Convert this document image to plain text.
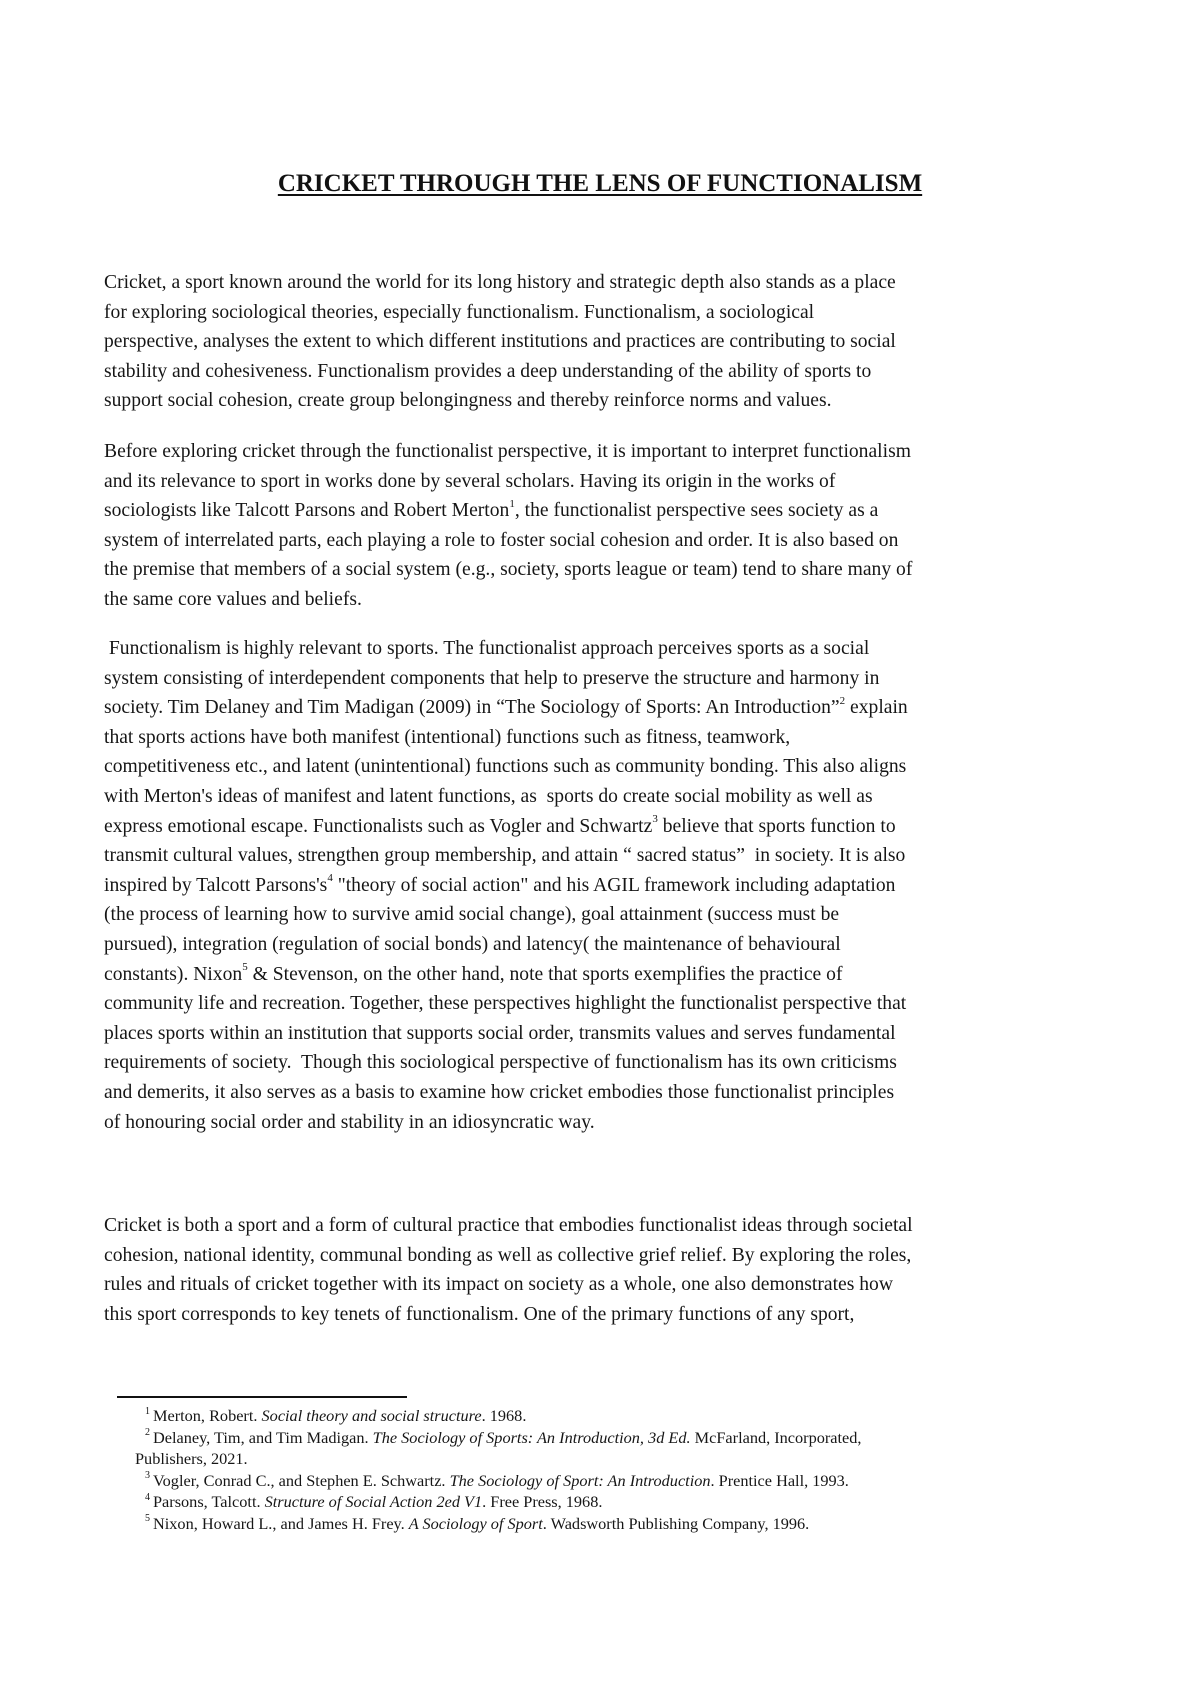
CRICKET THROUGH THE LENS OF FUNCTIONALISM
Cricket, a sport known around the world for its long history and strategic depth also stands as a place
for exploring sociological theories, especially functionalism. Functionalism, a sociological
perspective, analyses the extent to which different institutions and practices are contributing to social
stability and cohesiveness. Functionalism provides a deep understanding of the ability of sports to
support social cohesion, create group belongingness and thereby reinforce norms and values.
Before exploring cricket through the functionalist perspective, it is important to interpret functionalism
and its relevance to sport in works done by several scholars. Having its origin in the works of
sociologists like Talcott Parsons and Robert Merton$^1$, the functionalist perspective sees society as a
system of interrelated parts, each playing a role to foster social cohesion and order. It is also based on
the premise that members of a social system (e.g., society, sports league or team) tend to share many of
the same core values and beliefs.
Functionalism is highly relevant to sports. The functionalist approach perceives sports as a social
system consisting of interdependent components that help to preserve the structure and harmony in
society. Tim Delaney and Tim Madigan (2009) in “The Sociology of Sports: An Introduction”$^2$ explain
that sports actions have both manifest (intentional) functions such as fitness, teamwork,
competitiveness etc., and latent (unintentional) functions such as community bonding. This also aligns
with Merton's ideas of manifest and latent functions, as  sports do create social mobility as well as
express emotional escape. Functionalists such as Vogler and Schwartz$^3$ believe that sports function to
transmit cultural values, strengthen group membership, and attain “ sacred status”  in society. It is also
inspired by Talcott $Parsons's^4$ "theory of social action" and his AGIL framework including adaptation
(the process of learning how to survive amid social change), goal attainment (success must be
pursued), integration (regulation of social bonds) and latency( the maintenance of behavioural
constants). Nixon$^5$ & Stevenson, on the other hand, note that sports exemplifies the practice of
community life and recreation. Together, these perspectives highlight the functionalist perspective that
places sports within an institution that supports social order, transmits values and serves fundamental
requirements of society.  Though this sociological perspective of functionalism has its own criticisms
and demerits, it also serves as a basis to examine how cricket embodies those functionalist principles
of honouring social order and stability in an idiosyncratic way.
Cricket is both a sport and a form of cultural practice that embodies functionalist ideas through societal
cohesion, national identity, communal bonding as well as collective grief relief. By exploring the roles,
rules and rituals of cricket together with its impact on society as a whole, one also demonstrates how
this sport corresponds to key tenets of functionalism. One of the primary functions of any sport,
$^1$ Merton, Robert. Social theory and social structure. 1968.
$^2$ Delaney, Tim, and Tim Madigan. The Sociology of Sports: An Introduction, 3d Ed. McFarland, Incorporated,
Publishers, 2021.
$^3$ Vogler, Conrad C., and Stephen E. Schwartz. The Sociology of Sport: An Introduction. Prentice Hall, 1993.
$^4$ Parsons, Talcott. Structure of Social Action 2ed V1. Free Press, 1968.
$^5$ Nixon, Howard L., and James H. Frey. A Sociology of Sport. Wadsworth Publishing Company, 1996.
